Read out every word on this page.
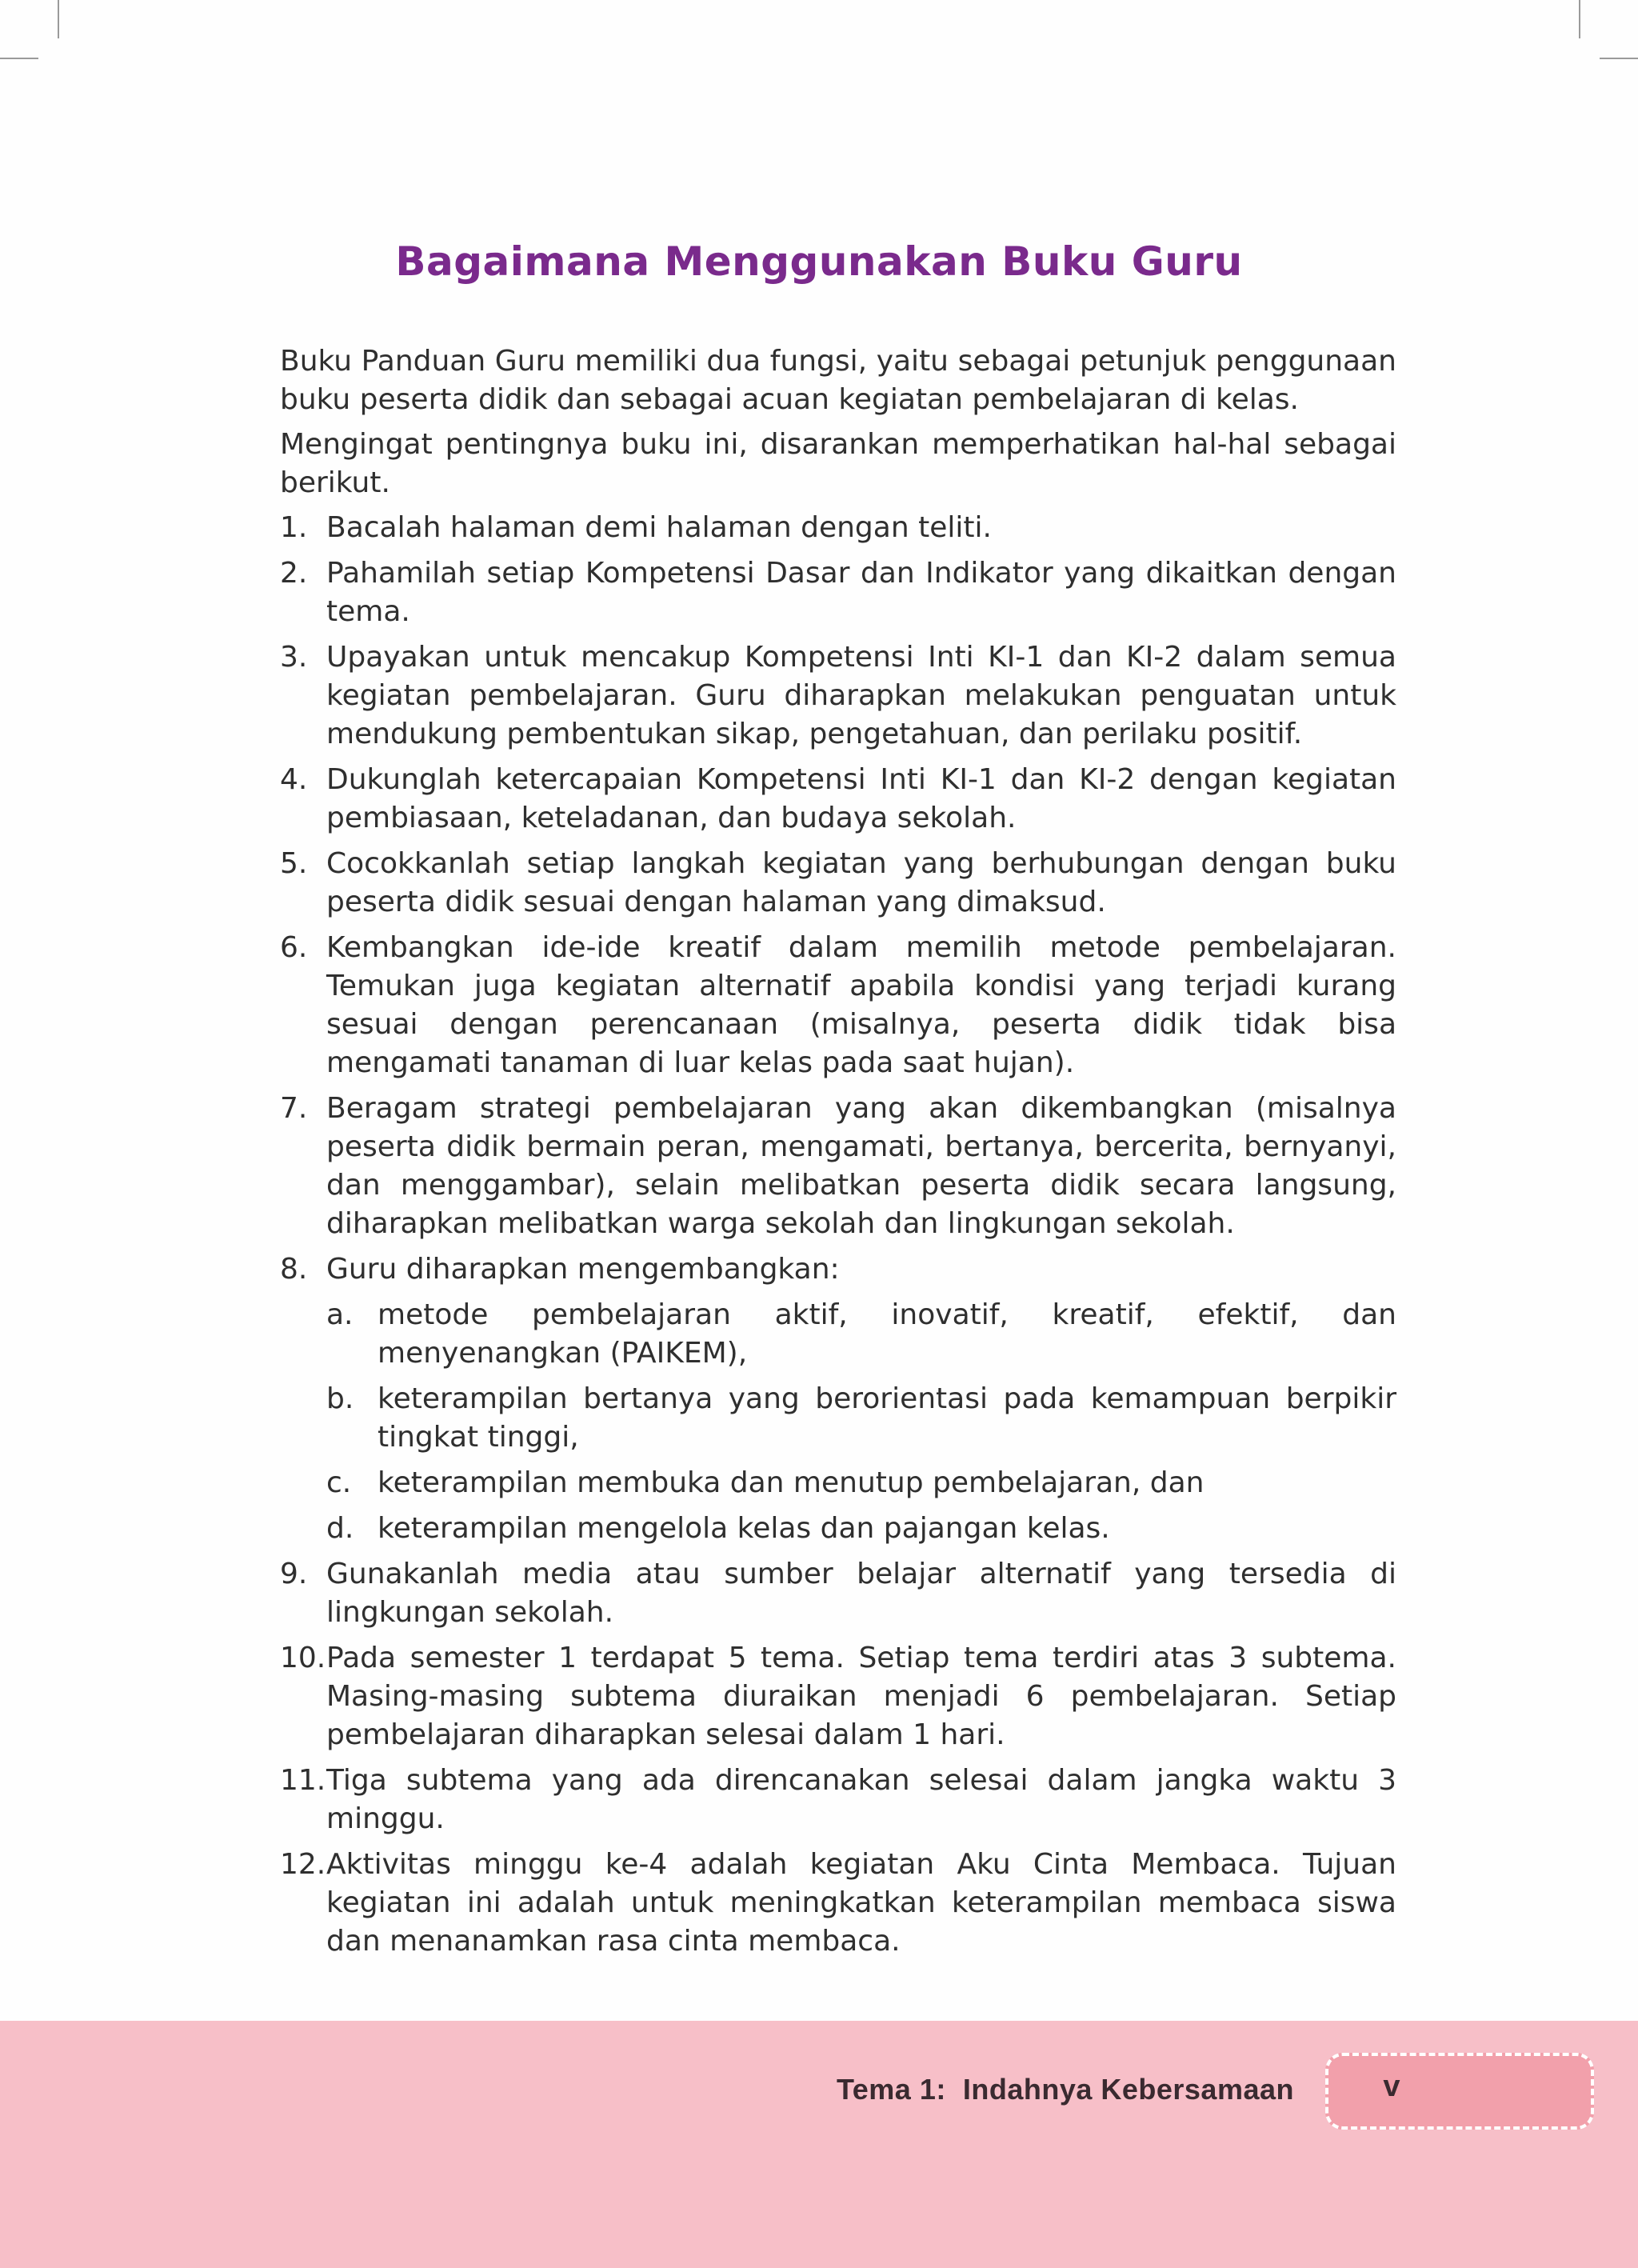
Bagaimana Menggunakan Buku Guru

Buku Panduan Guru memiliki dua fungsi, yaitu sebagai petunjuk penggunaan buku peserta didik dan sebagai acuan kegiatan pembelajaran di kelas.

Mengingat pentingnya buku ini, disarankan memperhatikan hal-hal sebagai berikut.

1. Bacalah halaman demi halaman dengan teliti.
2. Pahamilah setiap Kompetensi Dasar dan Indikator yang dikaitkan dengan tema.
3. Upayakan untuk mencakup Kompetensi Inti KI-1 dan KI-2 dalam semua kegiatan pembelajaran. Guru diharapkan melakukan penguatan untuk mendukung pembentukan sikap, pengetahuan, dan perilaku positif.
4. Dukunglah ketercapaian Kompetensi Inti KI-1 dan KI-2 dengan kegiatan pembiasaan, keteladanan, dan budaya sekolah.
5. Cocokkanlah setiap langkah kegiatan yang berhubungan dengan buku peserta didik sesuai dengan halaman yang dimaksud.
6. Kembangkan ide-ide kreatif dalam memilih metode pembelajaran. Temukan juga kegiatan alternatif apabila kondisi yang terjadi kurang sesuai dengan perencanaan (misalnya, peserta didik tidak bisa mengamati tanaman di luar kelas pada saat hujan).
7. Beragam strategi pembelajaran yang akan dikembangkan (misalnya peserta didik bermain peran, mengamati, bertanya, bercerita, bernyanyi, dan menggambar), selain melibatkan peserta didik secara langsung, diharapkan melibatkan warga sekolah dan lingkungan sekolah.
8. Guru diharapkan mengembangkan:
a. metode pembelajaran aktif, inovatif, kreatif, efektif, dan menyenangkan (PAIKEM),
b. keterampilan bertanya yang berorientasi pada kemampuan berpikir tingkat tinggi,
c. keterampilan membuka dan menutup pembelajaran, dan
d. keterampilan mengelola kelas dan pajangan kelas.
9. Gunakanlah media atau sumber belajar alternatif yang tersedia di lingkungan sekolah.
10. Pada semester 1 terdapat 5 tema. Setiap tema terdiri atas 3 subtema. Masing-masing subtema diuraikan menjadi 6 pembelajaran. Setiap pembelajaran diharapkan selesai dalam 1 hari.
11. Tiga subtema yang ada direncanakan selesai dalam jangka waktu 3 minggu.
12. Aktivitas minggu ke-4 adalah kegiatan Aku Cinta Membaca. Tujuan kegiatan ini adalah untuk meningkatkan keterampilan membaca siswa dan menanamkan rasa cinta membaca.
Tema 1:  Indahnya Kebersamaan	v
